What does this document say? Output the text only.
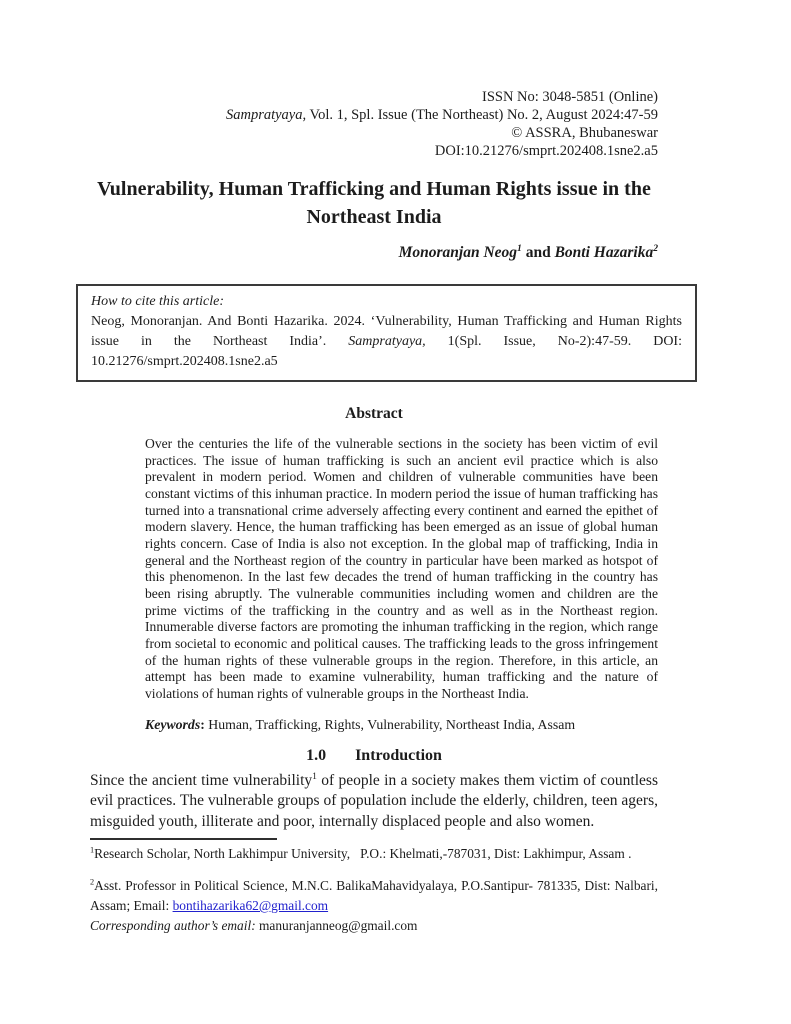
ISSN No: 3048-5851 (Online)
Sampratyaya, Vol. 1, Spl. Issue (The Northeast) No. 2, August 2024:47-59
© ASSRA, Bhubaneswar
DOI:10.21276/smprt.202408.1sne2.a5
Vulnerability, Human Trafficking and Human Rights issue in the Northeast India
Monoranjan Neog$^1$ and Bonti Hazarika$^2$
How to cite this article:
Neog, Monoranjan. And Bonti Hazarika. 2024. ‘Vulnerability, Human Trafficking and Human Rights issue in the Northeast India’. Sampratyaya, 1(Spl. Issue, No-2):47-59. DOI: 10.21276/smprt.202408.1sne2.a5
Abstract
Over the centuries the life of the vulnerable sections in the society has been victim of evil practices. The issue of human trafficking is such an ancient evil practice which is also prevalent in modern period. Women and children of vulnerable communities have been constant victims of this inhuman practice. In modern period the issue of human trafficking has turned into a transnational crime adversely affecting every continent and earned the epithet of modern slavery. Hence, the human trafficking has been emerged as an issue of global human rights concern. Case of India is also not exception. In the global map of trafficking, India in general and the Northeast region of the country in particular have been marked as hotspot of this phenomenon. In the last few decades the trend of human trafficking in the country has been rising abruptly. The vulnerable communities including women and children are the prime victims of the trafficking in the country and as well as in the Northeast region. Innumerable diverse factors are promoting the inhuman trafficking in the region, which range from societal to economic and political causes. The trafficking leads to the gross infringement of the human rights of these vulnerable groups in the region. Therefore, in this article, an attempt has been made to examine vulnerability, human trafficking and the nature of violations of human rights of vulnerable groups in the Northeast India.
Keywords: Human, Trafficking, Rights, Vulnerability, Northeast India, Assam
1.0 Introduction

Since the ancient time vulnerability$^1$ of people in a society makes them victim of countless evil practices. The vulnerable groups of population include the elderly, children, teen agers, misguided youth, illiterate and poor, internally displaced people and also women.

$^1$Research Scholar, North Lakhimpur University,   P.O.: Khelmati,-787031, Dist: Lakhimpur, Assam .
$^2$Asst. Professor in Political Science, M.N.C. BalikaMahavidyalaya, P.O.Santipur- 781335, Dist: Nalbari, Assam; Email: bontihazarika62@gmail.com
Corresponding author’s email: manuranjanneog@gmail.com
